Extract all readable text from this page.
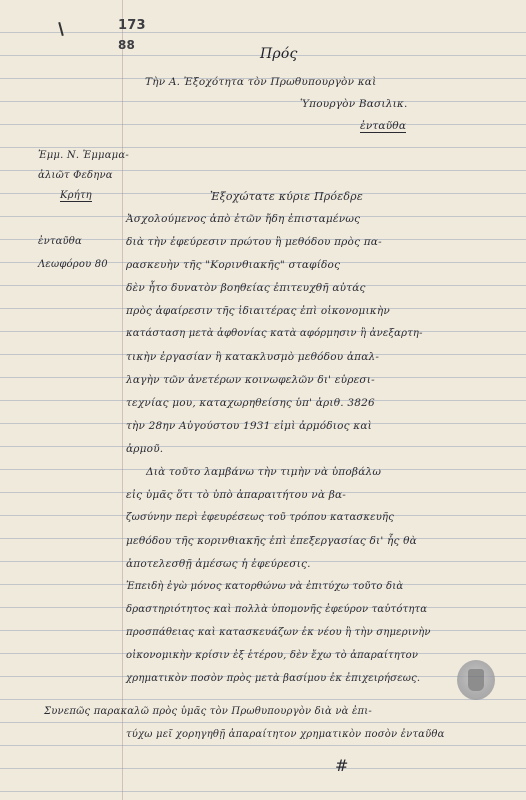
173
88
Πρός
Τὴν Α. Ἐξοχότητα τὸν Πρωθυπουργὸν καὶ
Ὑπουργὸν Βασιλικ.
ἐνταῦθα
Ἐμμ. Ν. Ἐμμαμα-
ἀλιῶτ Φεδηνα
Κρήτη
ἐνταῦθα
Λεωφόρου 80
Ἐξοχώτατε κύριε Πρόεδρε
Ἀσχολούμενος ἀπὸ ἐτῶν ἤδη ἐπισταμένως
διὰ τὴν ἐφεύρεσιν πρώτου ἢ μεθόδου πρὸς πα-
ρασκευὴν τῆς "Κορινθιακῆς" σταφίδος
δὲν ἦτο δυνατὸν βοηθείας ἐπιτευχθῆ αὐτάς
πρὸς ἀφαίρεσιν τῆς ἰδιαιτέρας ἐπὶ οἰκονομικὴν
κατάσταση μετὰ ἀφθονίας κατὰ αφόρμησιν ἢ ἀνεξαρτη-
τικὴν ἐργασίαν ἢ κατακλυσμὸ μεθόδου ἀπαλ-
λαγὴν τῶν ἀνετέρων κοινωφελῶν δι' εὑρεσι-
τεχνίας μου, καταχωρηθείσης ὑπ' ἀριθ. 3826
τὴν 28ην Αὐγούστου 1931 εἰμὶ ἀρμόδιος καὶ
ἀρμοῦ.
Διὰ τοῦτο λαμβάνω τὴν τιμὴν νὰ ὑποβάλω
εἰς ὑμᾶς ὅτι τὸ ὑπὸ ἀπαραιτήτου νὰ βα-
ζωσύνην περὶ ἐφευρέσεως τοῦ τρόπου κατασκευῆς
μεθόδου τῆς κορινθιακῆς ἐπὶ ἐπεξεργασίας δι' ἧς θὰ
ἀποτελεσθῇ ἀμέσως ἡ ἐφεύρεσις.
Ἐπειδὴ ἐγὼ μόνος κατορθώνω νὰ ἐπιτύχω τοῦτο διὰ
δραστηριότητος καὶ πολλὰ ὑπομονῆς ἐφεύρον ταὐτότητα
προσπάθειας καὶ κατασκευάζων ἐκ νέου ἢ τὴν σημερινὴν
οἰκονομικὴν κρίσιν ἐξ ἑτέρου, δὲν ἔχω τὸ ἀπαραίτητον
χρηματικὸν ποσὸν πρὸς μετὰ βασίμου ἐκ ἐπιχειρήσεως.
Συνεπῶς παρακαλῶ πρὸς ὑμᾶς τὸν Πρωθυπουργὸν διὰ νὰ ἐπι-
τύχω μεῖ χορηγηθῇ ἀπαραίτητον χρηματικὸν ποσὸν ἐνταῦθα
#
